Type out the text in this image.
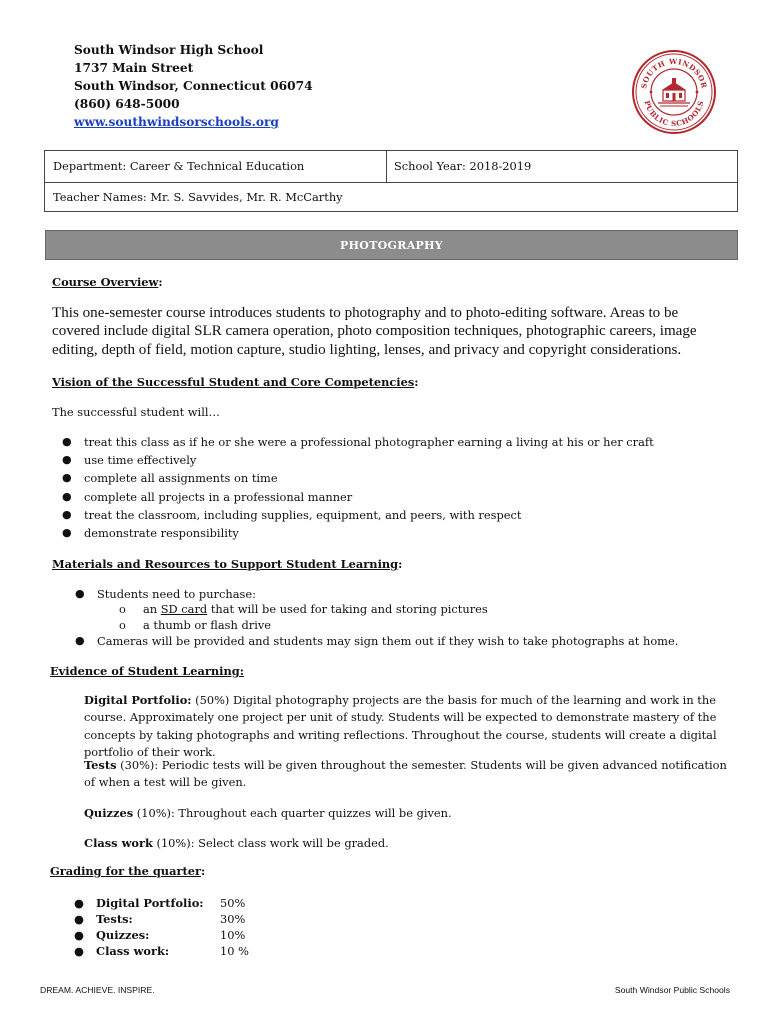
South Windsor High School
1737 Main Street
South Windsor, Connecticut 06074
(860) 648-5000
www.southwindsorschools.org
SOUTH WINDSOR
PUBLIC SCHOOLS
Department: Career & Technical Education	School Year: 2018-2019
Teacher Names: Mr. S. Savvides, Mr. R. McCarthy
PHOTOGRAPHY
Course Overview:
This one-semester course introduces students to photography and to photo-editing software. Areas to be covered include digital SLR camera operation, photo composition techniques, photographic careers, image editing, depth of field, motion capture, studio lighting, lenses, and privacy and copyright considerations.
Vision of the Successful Student and Core Competencies:
The successful student will…
● treat this class as if he or she were a professional photographer earning a living at his or her craft
● use time effectively
● complete all assignments on time
● complete all projects in a professional manner
● treat the classroom, including supplies, equipment, and peers, with respect
● demonstrate responsibility
Materials and Resources to Support Student Learning:
● Students need to purchase:
o an SD card that will be used for taking and storing pictures
o a thumb or flash drive
● Cameras will be provided and students may sign them out if they wish to take photographs at home.
Evidence of Student Learning:
Digital Portfolio: (50%) Digital photography projects are the basis for much of the learning and work in the course. Approximately one project per unit of study. Students will be expected to demonstrate mastery of the concepts by taking photographs and writing reflections. Throughout the course, students will create a digital portfolio of their work.
Tests (30%): Periodic tests will be given throughout the semester. Students will be given advanced notification of when a test will be given.
Quizzes (10%): Throughout each quarter quizzes will be given.
Class work (10%): Select class work will be graded.
Grading for the quarter:
● Digital Portfolio: 50%
● Tests:	30%
● Quizzes:	10%
● Class work:	10 %
DREAM. ACHIEVE. INSPIRE.	South Windsor Public Schools
